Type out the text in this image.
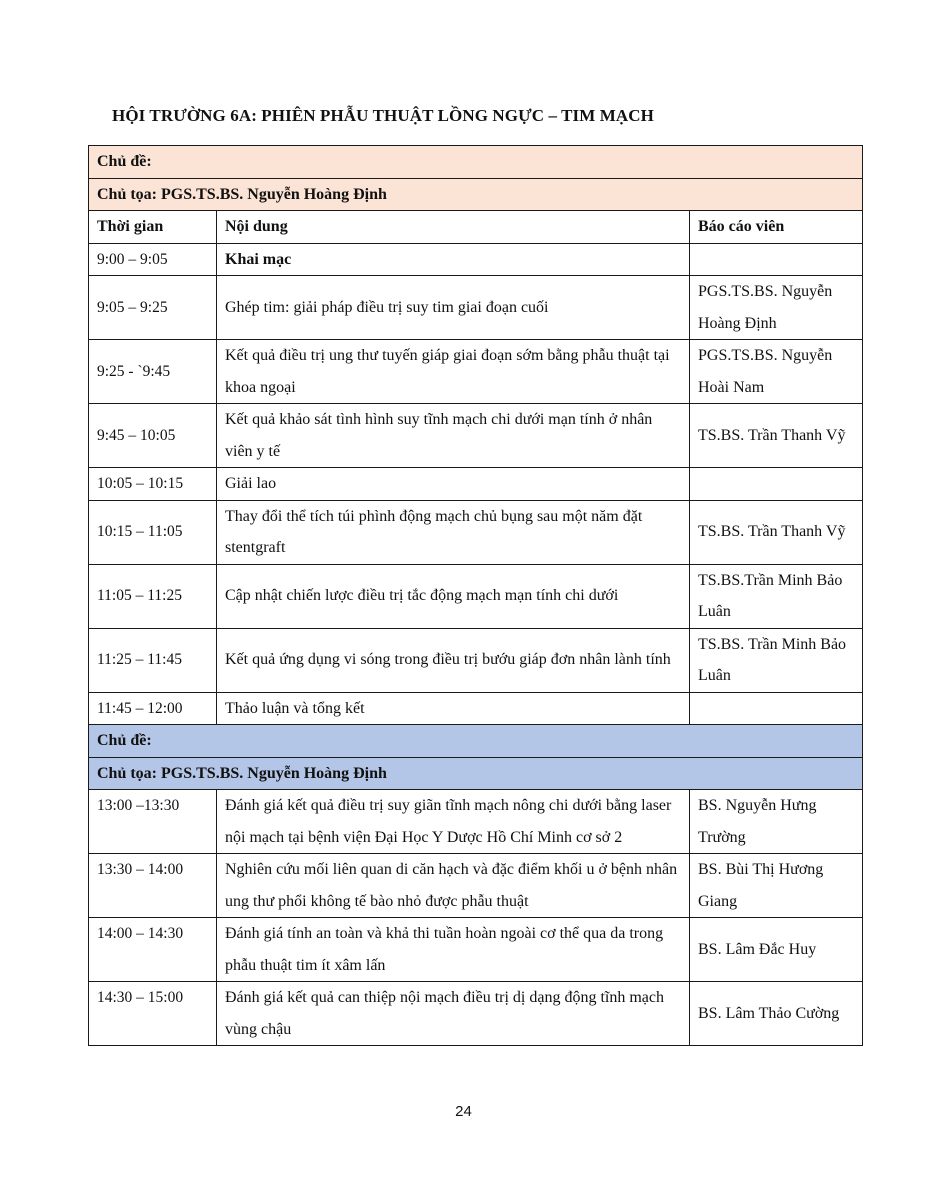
HỘI TRƯỜNG 6A: PHIÊN PHẪU THUẬT LỒNG NGỰC – TIM MẠCH
Chủ đề:		
Chủ tọa: PGS.TS.BS. Nguyễn Hoàng Định		
Thời gian	Nội dung	Báo cáo viên
9:00 – 9:05	Khai mạc	
9:05 – 9:25	Ghép tim: giải pháp điều trị suy tim giai đoạn cuối	PGS.TS.BS. Nguyễn Hoàng Định
9:25 - `9:45	Kết quả điều trị ung thư tuyến giáp giai đoạn sớm bằng phẫu thuật tại khoa ngoại	PGS.TS.BS. Nguyễn Hoài Nam
9:45 – 10:05	Kết quả khảo sát tình hình suy tĩnh mạch chi dưới mạn tính ở nhân viên y tế	TS.BS. Trần Thanh Vỹ
10:05 – 10:15	Giải lao	
10:15 – 11:05	Thay đổi thể tích túi phình động mạch chủ bụng sau một năm đặt stentgraft	TS.BS. Trần Thanh Vỹ
11:05 – 11:25	Cập nhật chiến lược điều trị tắc động mạch mạn tính chi dưới	TS.BS.Trần Minh Bảo Luân
11:25 – 11:45	Kết quả ứng dụng vi sóng trong điều trị bướu giáp đơn nhân lành tính	TS.BS. Trần Minh Bảo Luân
11:45 – 12:00	Thảo luận và tổng kết	
Chủ đề:		
Chủ tọa: PGS.TS.BS. Nguyễn Hoàng Định		
13:00 –13:30	Đánh giá kết quả điều trị suy giãn tĩnh mạch nông chi dưới bằng laser nội mạch tại bệnh viện Đại Học Y Dược Hồ Chí Minh cơ sở 2	BS. Nguyễn Hưng Trường
13:30 – 14:00	Nghiên cứu mối liên quan di căn hạch và đặc điểm khối u ở bệnh nhân ung thư phổi không tế bào nhỏ được phẫu thuật	BS. Bùi Thị Hương Giang
14:00 – 14:30	Đánh giá tính an toàn và khả thi tuần hoàn ngoài cơ thể qua da trong phẫu thuật tim ít xâm lấn	BS. Lâm Đắc Huy
14:30 – 15:00	Đánh giá kết quả can thiệp nội mạch điều trị dị dạng động tĩnh mạch vùng chậu	BS. Lâm Thảo Cường
24
